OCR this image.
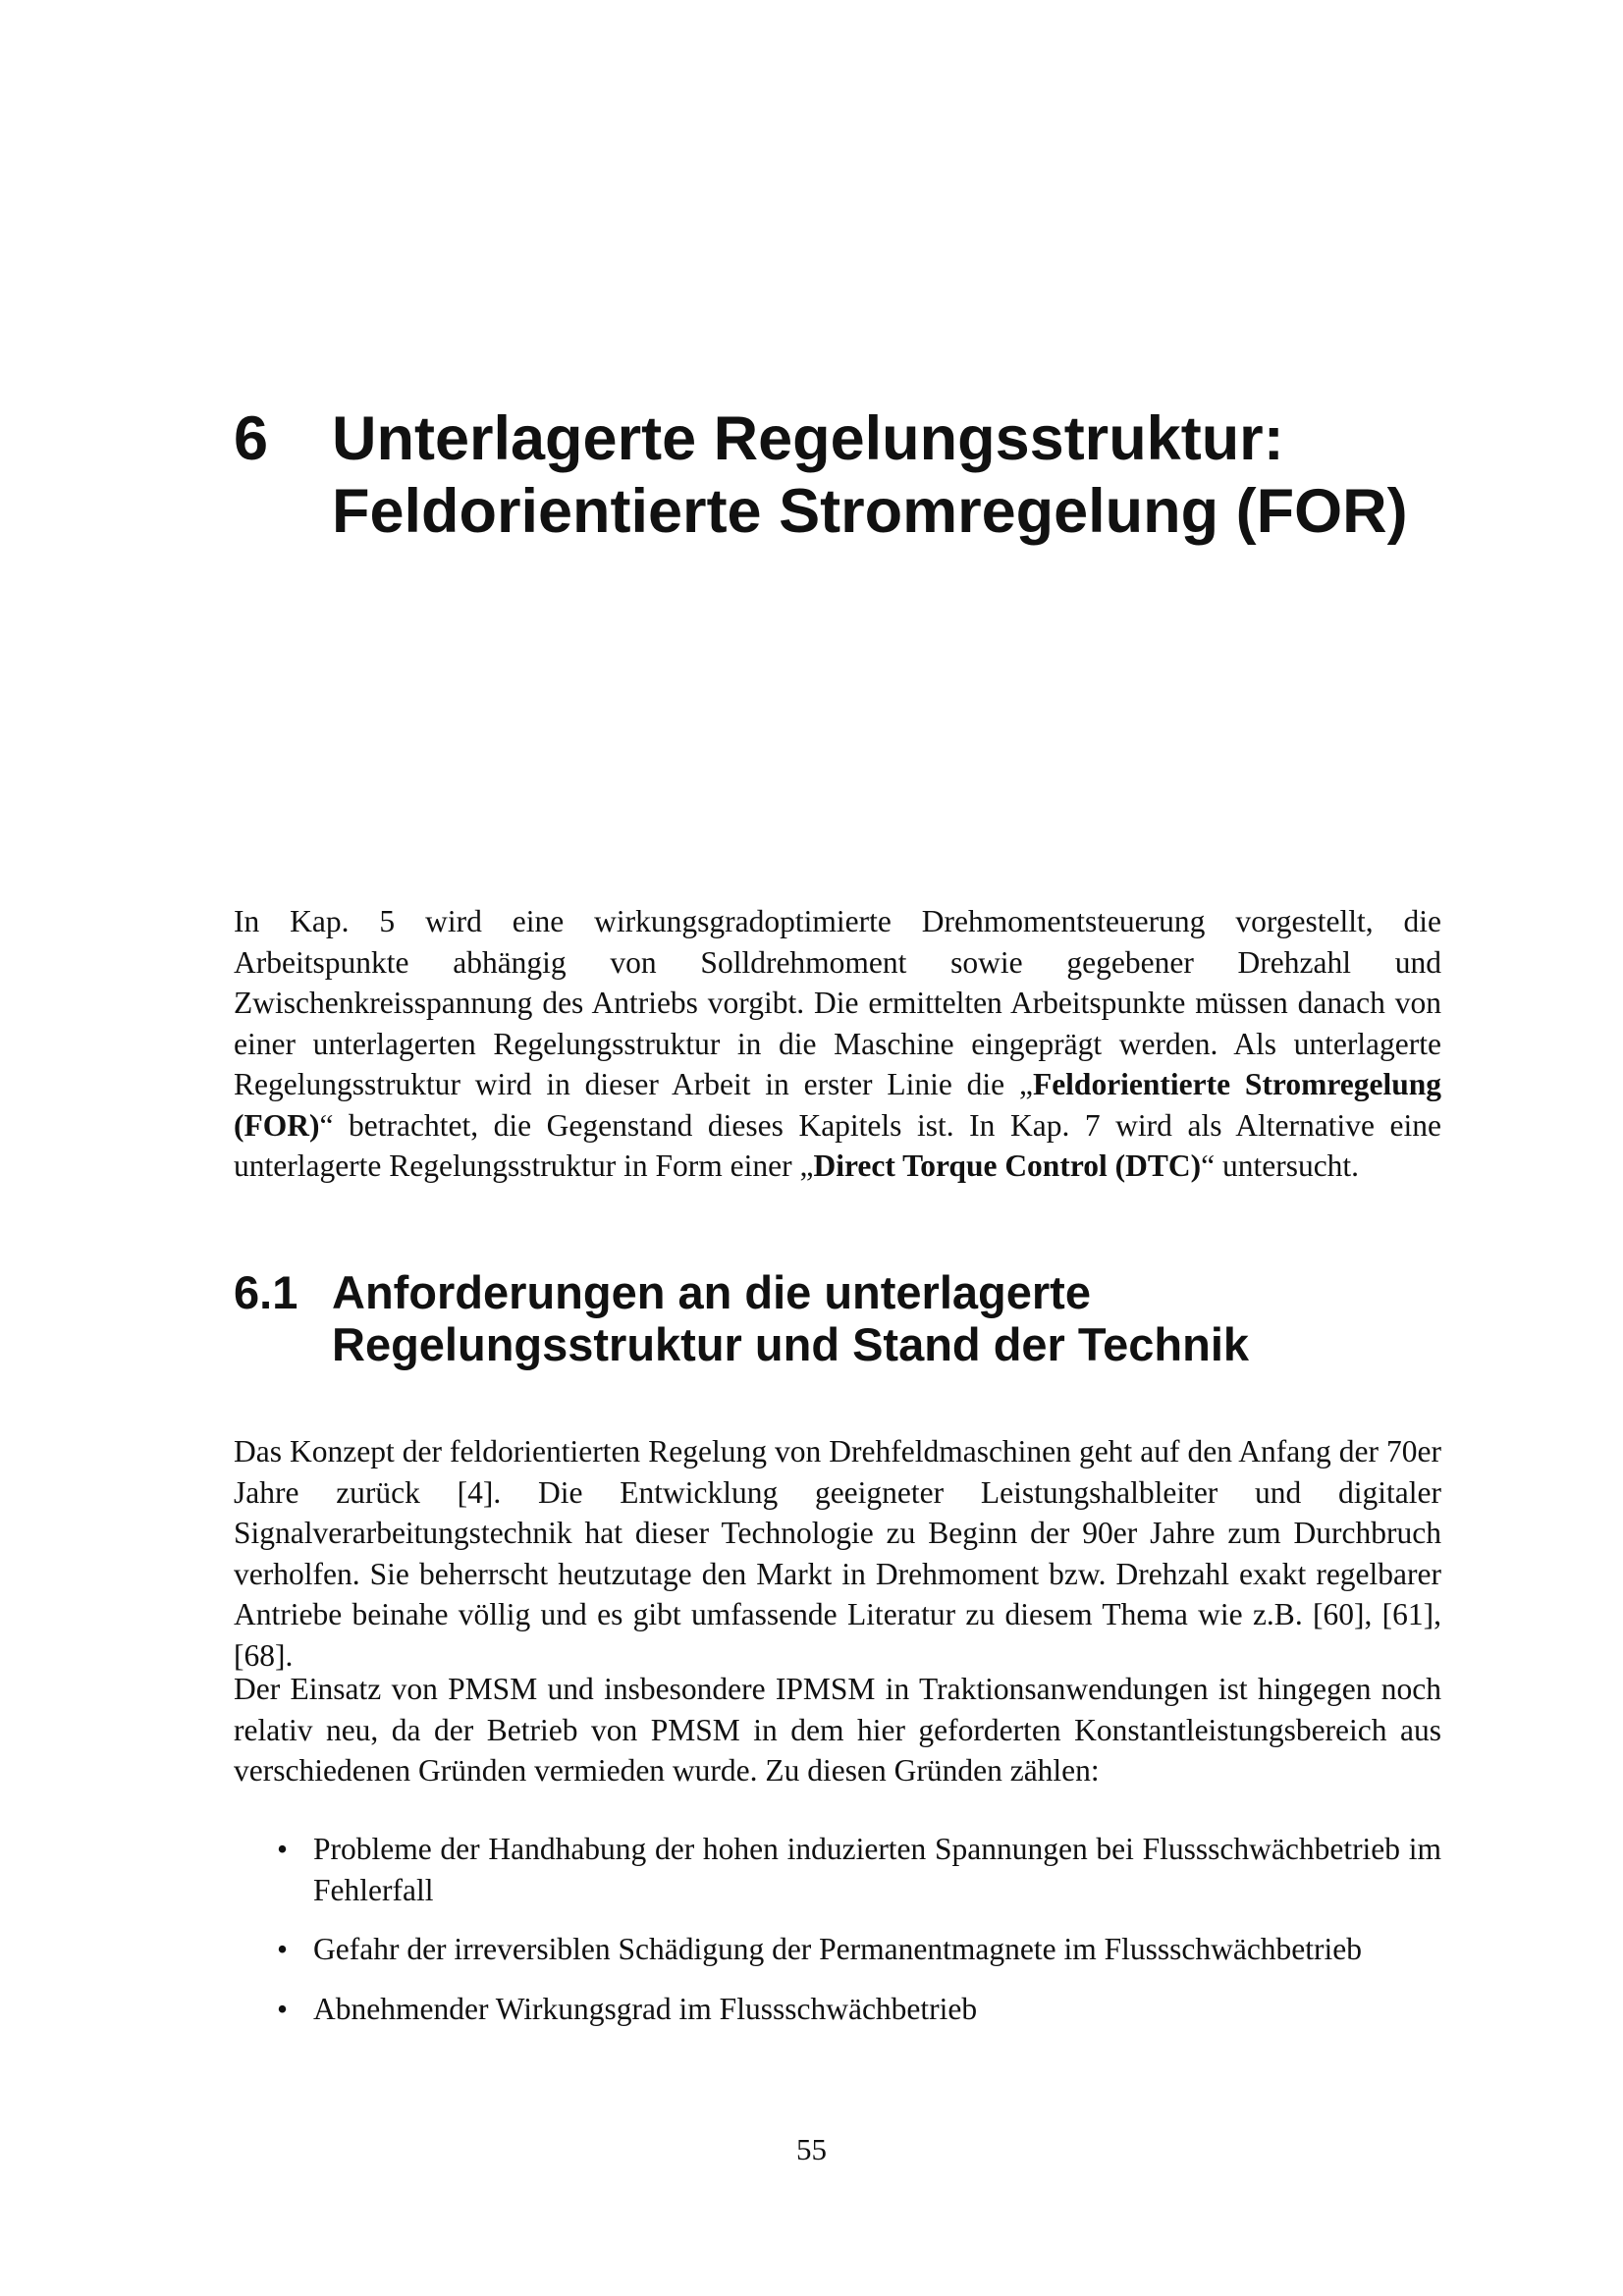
6 Unterlagerte Regelungsstruktur: Feldorientierte Stromregelung (FOR)

In Kap. 5 wird eine wirkungsgradoptimierte Drehmomentsteuerung vorgestellt, die Arbeitspunkte abhängig von Solldrehmoment sowie gegebener Drehzahl und Zwischenkreisspannung des Antriebs vorgibt. Die ermittelten Arbeitspunkte müssen danach von einer unterlagerten Regelungsstruktur in die Maschine eingeprägt werden. Als unterlagerte Regelungsstruktur wird in dieser Arbeit in erster Linie die „Feldorientierte Stromregelung (FOR)“ betrachtet, die Gegenstand dieses Kapitels ist. In Kap. 7 wird als Alternative eine unterlagerte Regelungsstruktur in Form einer „Direct Torque Control (DTC)“ untersucht.

6.1 Anforderungen an die unterlagerte Regelungsstruktur und Stand der Technik

Das Konzept der feldorientierten Regelung von Drehfeldmaschinen geht auf den Anfang der 70er Jahre zurück [4]. Die Entwicklung geeigneter Leistungshalbleiter und digitaler Signalverarbeitungstechnik hat dieser Technologie zu Beginn der 90er Jahre zum Durchbruch verholfen. Sie beherrscht heutzutage den Markt in Drehmoment bzw. Drehzahl exakt regelbarer Antriebe beinahe völlig und es gibt umfassende Literatur zu diesem Thema wie z.B. [60], [61], [68].

Der Einsatz von PMSM und insbesondere IPMSM in Traktionsanwendungen ist hingegen noch relativ neu, da der Betrieb von PMSM in dem hier geforderten Konstantleistungsbereich aus verschiedenen Gründen vermieden wurde. Zu diesen Gründen zählen:

• Probleme der Handhabung der hohen induzierten Spannungen bei Flussschwächbetrieb im Fehlerfall
• Gefahr der irreversiblen Schädigung der Permanentmagnete im Flussschwächbetrieb
• Abnehmender Wirkungsgrad im Flussschwächbetrieb
55
